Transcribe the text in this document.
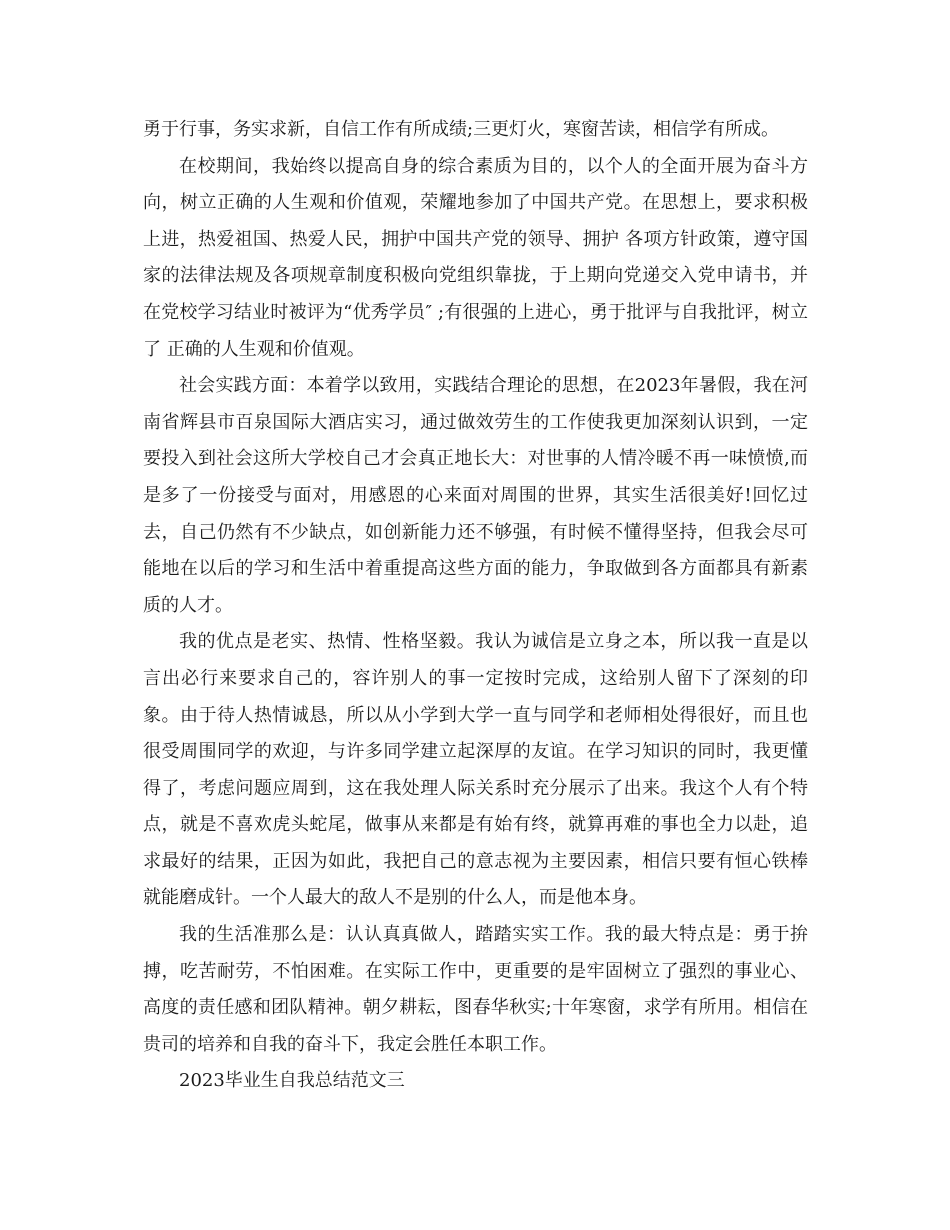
勇于行事，务实求新，自信工作有所成绩;三更灯火，寒窗苦读，相信学有所成。

在校期间，我始终以提高自身的综合素质为目的，以个人的全面开展为奋斗方向，树立正确的人生观和价值观，荣耀地参加了中国共产党。在思想上，要求积极上进，热爱祖国、热爱人民，拥护中国共产党的领导、拥护 各项方针政策，遵守国家的法律法规及各项规章制度积极向党组织靠拢，于上期向党递交入党申请书，并在党校学习结业时被评为“优秀学员″ ;有很强的上进心，勇于批评与自我批评，树立了 正确的人生观和价值观。

社会实践方面：本着学以致用，实践结合理论的思想，在2023年暑假，我在河南省辉县市百泉国际大酒店实习，通过做效劳生的工作使我更加深刻认识到，一定要投入到社会这所大学校自己才会真正地长大：对世事的人情冷暖不再一味愤愤,而是多了一份接受与面对，用感恩的心来面对周围的世界，其实生活很美好!回忆过去，自己仍然有不少缺点，如创新能力还不够强，有时候不懂得坚持，但我会尽可能地在以后的学习和生活中着重提高这些方面的能力，争取做到各方面都具有新素质的人才。

我的优点是老实、热情、性格坚毅。我认为诚信是立身之本，所以我一直是以言出必行来要求自己的，容许别人的事一定按时完成，这给别人留下了深刻的印象。由于待人热情诚恳，所以从小学到大学一直与同学和老师相处得很好，而且也很受周围同学的欢迎，与许多同学建立起深厚的友谊。在学习知识的同时，我更懂得了，考虑问题应周到，这在我处理人际关系时充分展示了出来。我这个人有个特点，就是不喜欢虎头蛇尾，做事从来都是有始有终，就算再难的事也全力以赴，追求最好的结果，正因为如此，我把自己的意志视为主要因素，相信只要有恒心铁棒就能磨成针。一个人最大的敌人不是别的什么人，而是他本身。

我的生活准那么是：认认真真做人，踏踏实实工作。我的最大特点是：勇于拚搏，吃苦耐劳，不怕困难。在实际工作中，更重要的是牢固树立了强烈的事业心、高度的责任感和团队精神。朝夕耕耘，图春华秋实;十年寒窗，求学有所用。相信在贵司的培养和自我的奋斗下，我定会胜任本职工作。

2023毕业生自我总结范文三
